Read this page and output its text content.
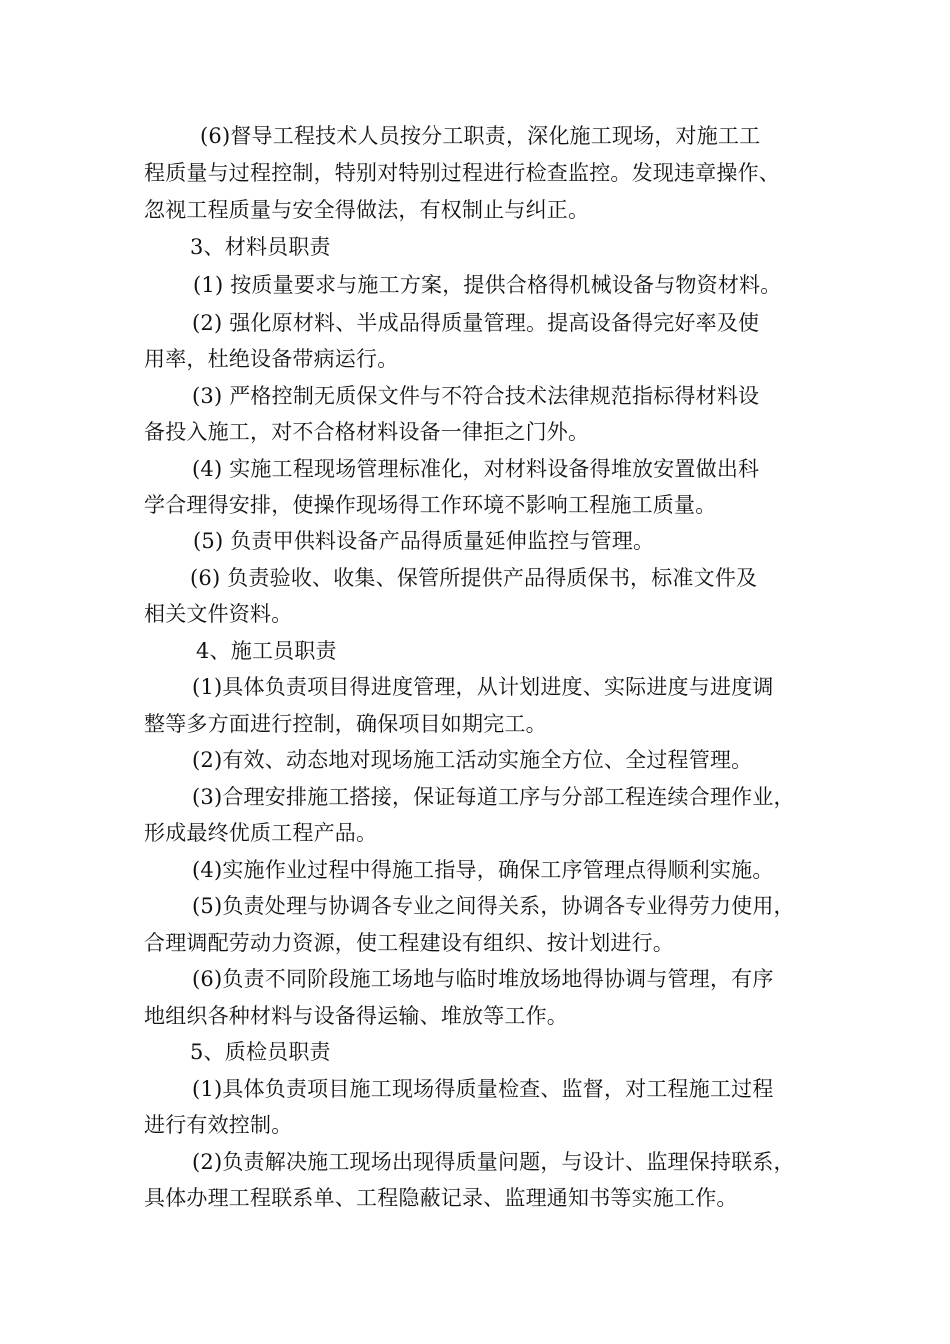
(6)督导工程技术人员按分工职责，深化施工现场，对施工工
程质量与过程控制，特别对特别过程进行检查监控。发现违章操作、
忽视工程质量与安全得做法，有权制止与纠正。
3、材料员职责
(1) 按质量要求与施工方案，提供合格得机械设备与物资材料。
(2) 强化原材料、半成品得质量管理。提高设备得完好率及使
用率，杜绝设备带病运行。
(3) 严格控制无质保文件与不符合技术法律规范指标得材料设
备投入施工，对不合格材料设备一律拒之门外。
(4) 实施工程现场管理标准化，对材料设备得堆放安置做出科
学合理得安排，使操作现场得工作环境不影响工程施工质量。
(5) 负责甲供料设备产品得质量延伸监控与管理。
(6) 负责验收、收集、保管所提供产品得质保书，标准文件及
相关文件资料。
4、施工员职责
(1)具体负责项目得进度管理，从计划进度、实际进度与进度调
整等多方面进行控制，确保项目如期完工。
(2)有效、动态地对现场施工活动实施全方位、全过程管理。
(3)合理安排施工搭接，保证每道工序与分部工程连续合理作业，
形成最终优质工程产品。
(4)实施作业过程中得施工指导，确保工序管理点得顺利实施。
(5)负责处理与协调各专业之间得关系，协调各专业得劳力使用，
合理调配劳动力资源，使工程建设有组织、按计划进行。
(6)负责不同阶段施工场地与临时堆放场地得协调与管理，有序
地组织各种材料与设备得运输、堆放等工作。
5、质检员职责
(1)具体负责项目施工现场得质量检查、监督，对工程施工过程
进行有效控制。
(2)负责解决施工现场出现得质量问题，与设计、监理保持联系，
具体办理工程联系单、工程隐蔽记录、监理通知书等实施工作。
